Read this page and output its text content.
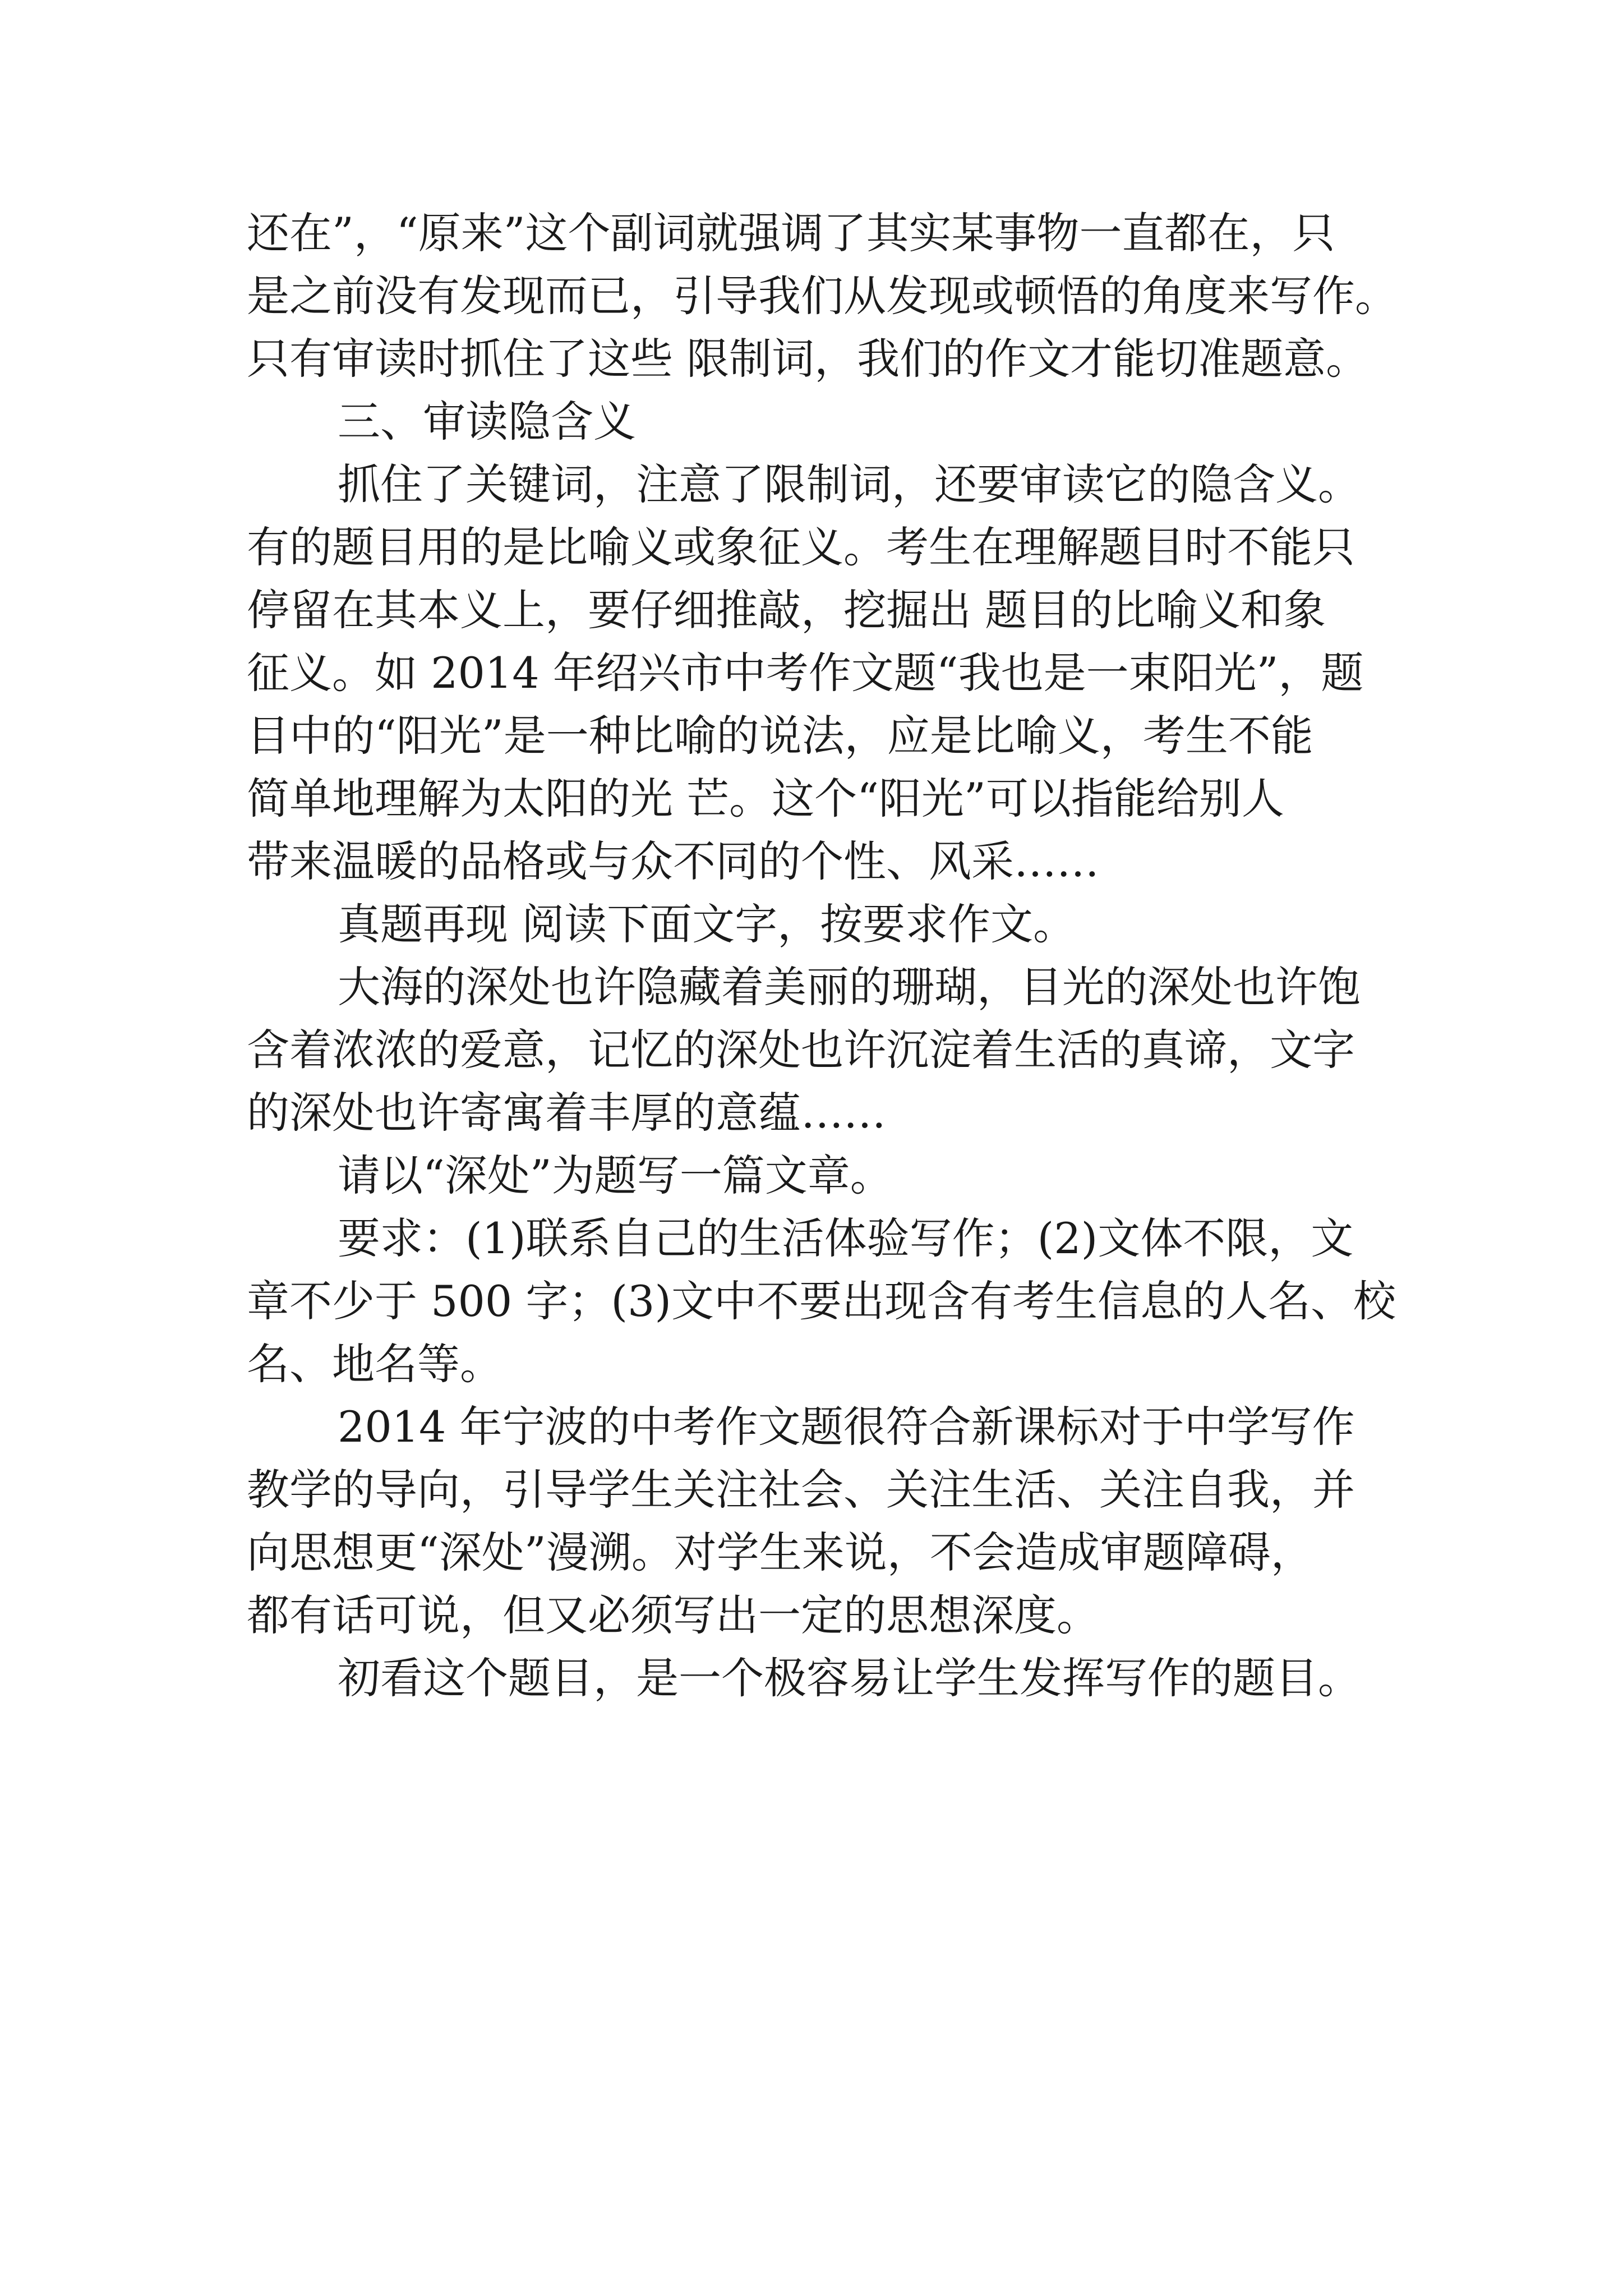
还在”，“原来”这个副词就强调了其实某事物一直都在，只
是之前没有发现而已，引导我们从发现或顿悟的角度来写作。
只有审读时抓住了这些 限制词，我们的作文才能切准题意。
三、审读隐含义
抓住了关键词，注意了限制词，还要审读它的隐含义。
有的题目用的是比喻义或象征义。考生在理解题目时不能只
停留在其本义上，要仔细推敲，挖掘出 题目的比喻义和象
征义。如 2014 年绍兴市中考作文题“我也是一束阳光”，题
目中的“阳光”是一种比喻的说法，应是比喻义，考生不能
简单地理解为太阳的光 芒。这个“阳光”可以指能给别人
带来温暖的品格或与众不同的个性、风采……
真题再现 阅读下面文字，按要求作文。
大海的深处也许隐藏着美丽的珊瑚，目光的深处也许饱
含着浓浓的爱意，记忆的深处也许沉淀着生活的真谛，文字
的深处也许寄寓着丰厚的意蕴……
请以“深处”为题写一篇文章。
要求：(1)联系自己的生活体验写作；(2)文体不限，文
章不少于 500 字；(3)文中不要出现含有考生信息的人名、校
名、地名等。
2014 年宁波的中考作文题很符合新课标对于中学写作
教学的导向，引导学生关注社会、关注生活、关注自我，并
向思想更“深处”漫溯。对学生来说，不会造成审题障碍，
都有话可说，但又必须写出一定的思想深度。
初看这个题目，是一个极容易让学生发挥写作的题目。
